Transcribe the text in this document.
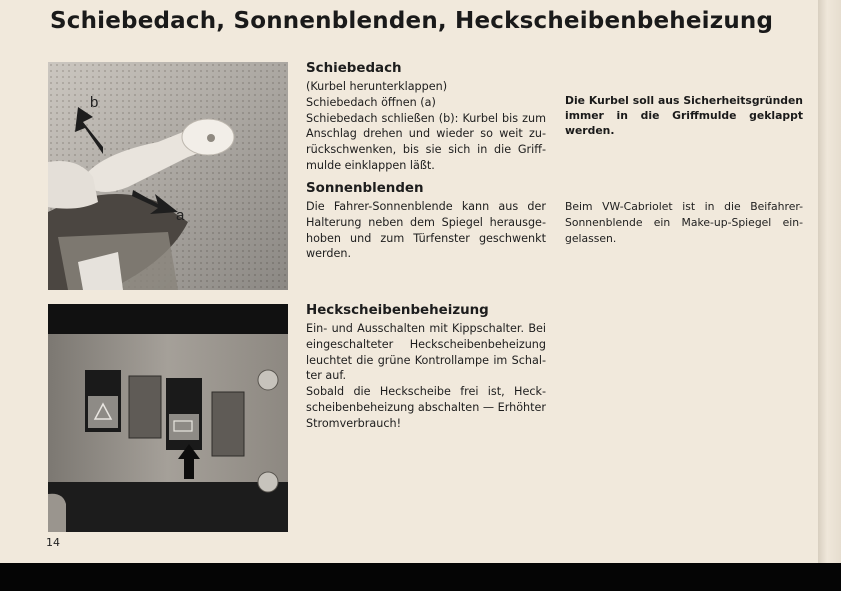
Schiebedach, Sonnenblenden, Heckscheibenbeheizung
b
a
Schiebedach

(Kurbel herunterklappen)

Schiebedach öffnen (a)

Schiebedach schließen (b): Kurbel bis zum Anschlag drehen und wieder so weit zurückschwenken, bis sie sich in die Griffmulde einklappen läßt.

Sonnenblenden

Die Fahrer-Sonnenblende kann aus der Halterung neben dem Spiegel herausgehoben und zum Türfenster geschwenkt werden.

Heckscheibenbeheizung

Ein- und Ausschalten mit Kippschalter. Bei eingeschalteter Heckscheibenbeheizung leuchtet die grüne Kontrollampe im Schalter auf.

Sobald die Heckscheibe frei ist, Heckscheibenbeheizung abschalten — Erhöhter Stromverbrauch!

Die Kurbel soll aus Sicherheitsgründen immer in die Griffmulde geklappt werden.
Beim VW-Cabriolet ist in die Beifahrer-Sonnenblende ein Make-up-Spiegel eingelassen.
14
